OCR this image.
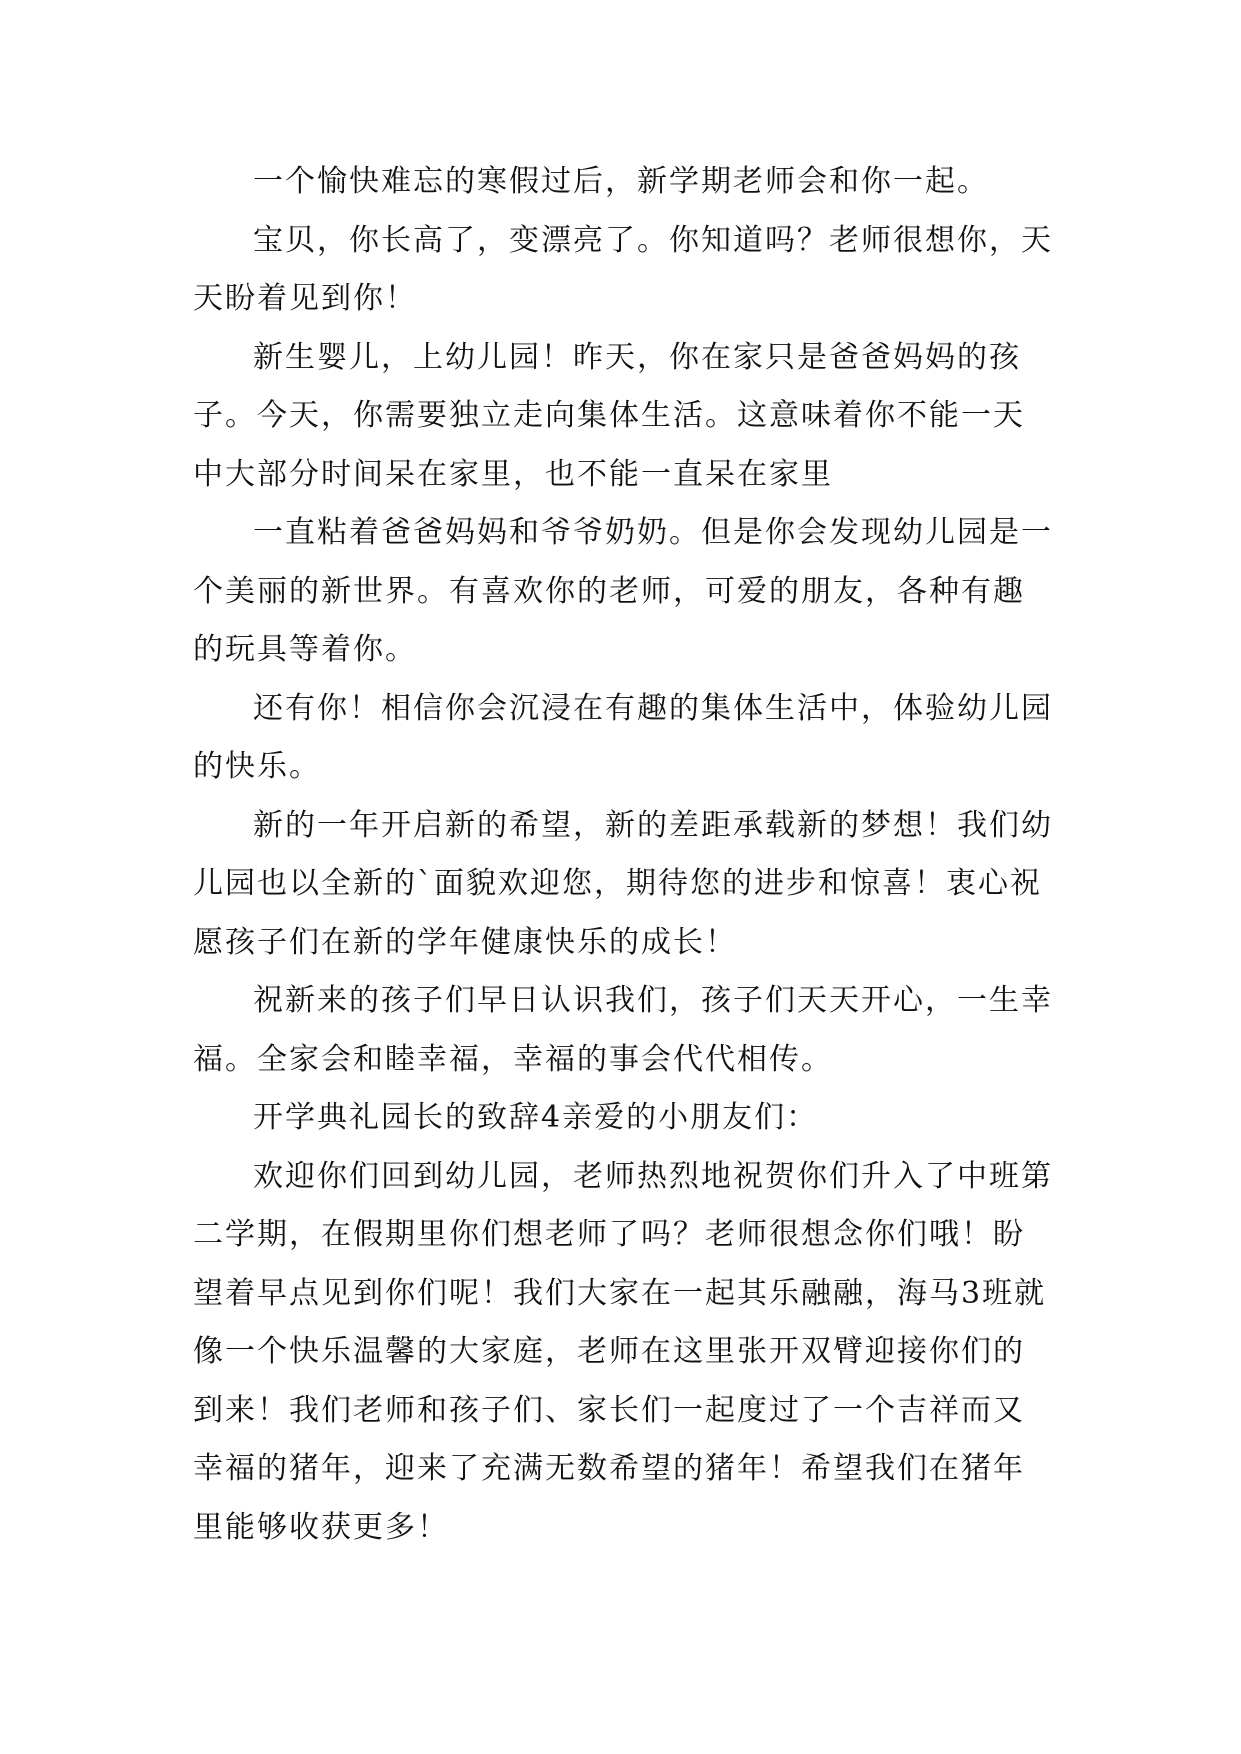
一个愉快难忘的寒假过后，新学期老师会和你一起。

宝贝，你长高了，变漂亮了。你知道吗？老师很想你，天天盼着见到你！

新生婴儿，上幼儿园！昨天，你在家只是爸爸妈妈的孩子。今天，你需要独立走向集体生活。这意味着你不能一天中大部分时间呆在家里，也不能一直呆在家里

一直粘着爸爸妈妈和爷爷奶奶。但是你会发现幼儿园是一个美丽的新世界。有喜欢你的老师，可爱的朋友，各种有趣的玩具等着你。

还有你！相信你会沉浸在有趣的集体生活中，体验幼儿园的快乐。

新的一年开启新的希望，新的差距承载新的梦想！我们幼儿园也以全新的`面貌欢迎您，期待您的进步和惊喜！衷心祝愿孩子们在新的学年健康快乐的成长！

祝新来的孩子们早日认识我们，孩子们天天开心，一生幸福。全家会和睦幸福，幸福的事会代代相传。

开学典礼园长的致辞4亲爱的小朋友们：

欢迎你们回到幼儿园，老师热烈地祝贺你们升入了中班第二学期，在假期里你们想老师了吗？老师很想念你们哦！盼望着早点见到你们呢！我们大家在一起其乐融融，海马3班就像一个快乐温馨的大家庭，老师在这里张开双臂迎接你们的到来！我们老师和孩子们、家长们一起度过了一个吉祥而又幸福的猪年，迎来了充满无数希望的猪年！希望我们在猪年里能够收获更多！
